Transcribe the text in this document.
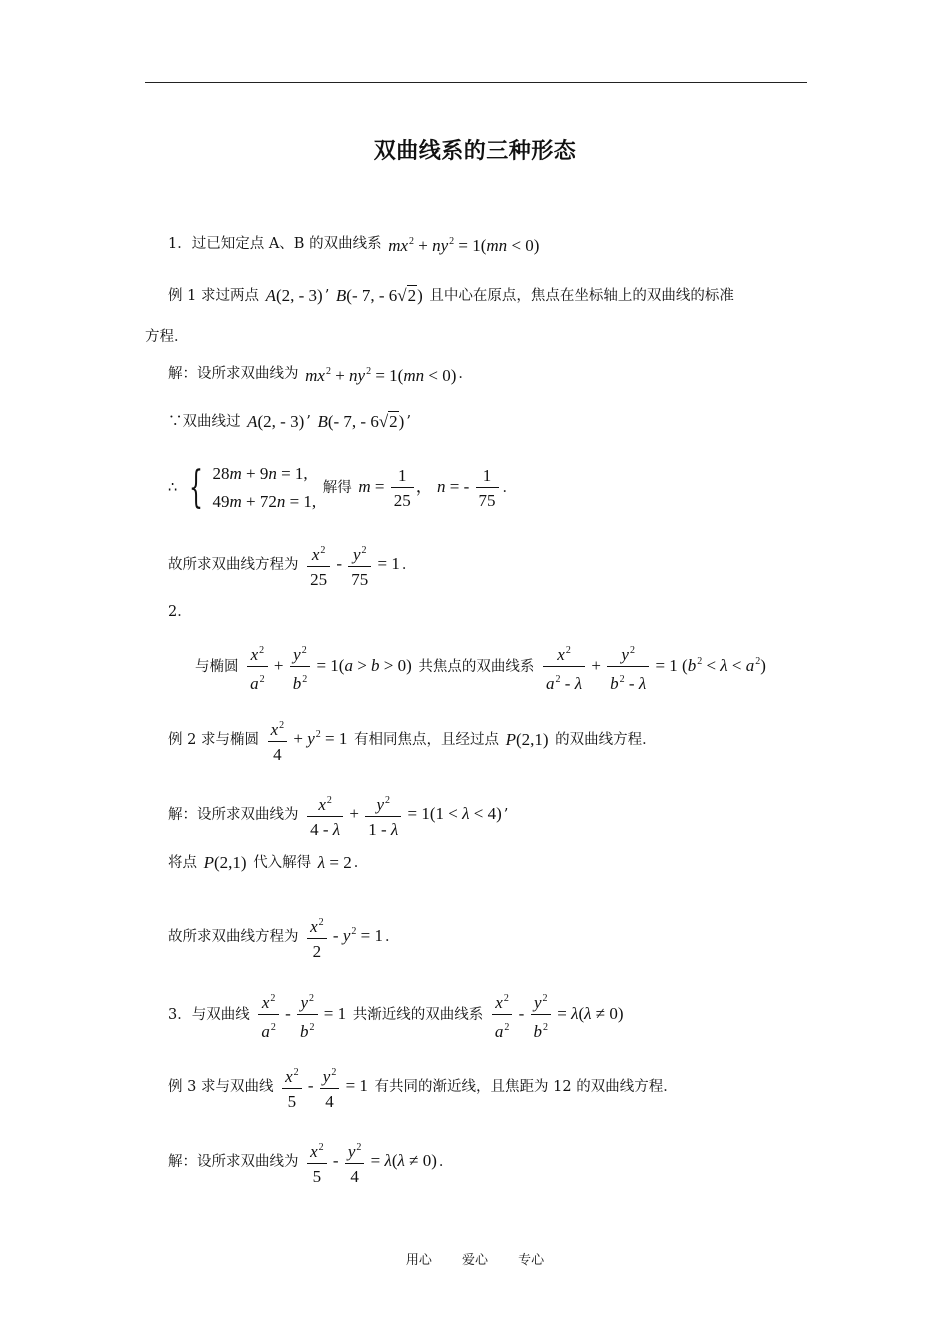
双曲线系的三种形态
1．过已知定点 A、B 的双曲线系 $mx^2 + ny^2 = 1(mn < 0)$
例 1 求过两点 A(2, - 3) ’ B(- 7, - 6√2) 且中心在原点，焦点在坐标轴上的双曲线的标准
方程．
解：设所求双曲线为 $mx^2 + ny^2 = 1(mn < 0)$ ．
∵双曲线过 A(2, - 3) ’ B(- 7, - 6√2) ’
∴ { 28m + 9n = 1,
49m + 72n = 1,
解得 $m = \frac{1}{25}$ ， n = - $\frac{1}{75}$ ．
故所求双曲线方程为 $\frac{x^2}{25} - \frac{y^2}{75} = 1$ ．
2．
与椭圆 $\frac{x^2}{a^2} + \frac{y^2}{b^2} = 1(a > b > 0)$ 共焦点的双曲线系 $\frac{x^2}{a^2 - \lambda} + \frac{y^2}{b^2 - \lambda} = 1$ $(b^2 < \lambda < a^2)$
例 2 求与椭圆 $\frac{x^2}{4} + y^2 = 1$ 有相同焦点，且经过点 P(2,1) 的双曲线方程．
解：设所求双曲线为 $\frac{x^2}{4 - \lambda} + \frac{y^2}{1 - \lambda} = 1(1 < \lambda < 4)$ ’
将点 P(2,1) 代入解得 λ = 2 ．
故所求双曲线方程为 $\frac{x^2}{2} - y^2 = 1$ ．
3．与双曲线 $\frac{x^2}{a^2} - \frac{y^2}{b^2} = 1$ 共渐近线的双曲线系 $\frac{x^2}{a^2} - \frac{y^2}{b^2} = \lambda(\lambda \ne 0)$
例 3 求与双曲线 $\frac{x^2}{5} - \frac{y^2}{4} = 1$ 有共同的渐近线，且焦距为 12 的双曲线方程．
解：设所求双曲线为 $\frac{x^2}{5} - \frac{y^2}{4} = \lambda(\lambda \ne 0)$ ．
用心 爱心 专心
